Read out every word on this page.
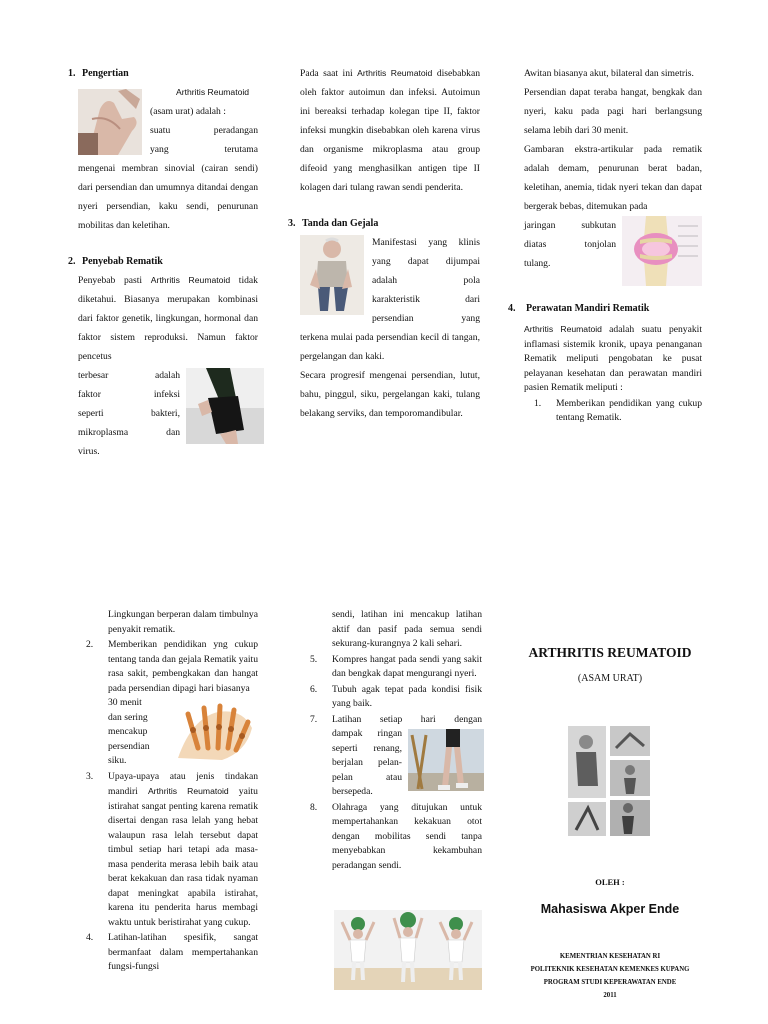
1. Pengertian

Arthritis Reumatoid

(asam urat) adalah :

suatu peradangan

yang terutama

mengenai membran sinovial (cairan sendi) dari persendian dan umumnya ditandai dengan nyeri persendian, kaku sendi, penurunan mobilitas dan keletihan.

2. Penyebab Rematik

Penyebab pasti Arthritis Reumatoid tidak diketahui. Biasanya merupakan kombinasi dari faktor genetik, lingkungan, hormonal dan faktor sistem reproduksi. Namun faktor pencetus

terbesar adalah

faktor infeksi

seperti bakteri,

mikroplasma dan

virus.

Pada saat ini Arthritis Reumatoid disebabkan oleh faktor autoimun dan infeksi. Autoimun ini bereaksi terhadap kolegan tipe II, faktor infeksi mungkin disebabkan oleh karena virus dan organisme mikroplasma atau group difeoid yang menghasilkan antigen tipe II kolagen dari tulang rawan sendi penderita.

3. Tanda dan Gejala

Manifestasi yang klinis

yang dapat dijumpai

adalah pola

karakteristik dari

persendian yang

terkena mulai pada persendian kecil di tangan, pergelangan dan kaki.

Secara progresif mengenai persendian, lutut, bahu, pinggul, siku, pergelangan kaki, tulang belakang serviks, dan temporomandibular.

Awitan biasanya akut, bilateral dan simetris.

Persendian dapat teraba hangat, bengkak dan nyeri, kaku pada pagi hari berlangsung selama lebih dari 30 menit.

Gambaran ekstra-artikular pada rematik adalah demam, penurunan berat badan, keletihan, anemia, tidak nyeri tekan dan dapat bergerak bebas, ditemukan pada

jaringan subkutan

diatas tonjolan

tulang.

4.	Perawatan Mandiri Rematik

Arthritis Reumatoid adalah suatu penyakit inflamasi sistemik kronik, upaya penanganan Rematik meliputi pengobatan ke pusat pelayanan kesehatan dan perawatan mandiri pasien Rematik meliputi :

1.	Memberikan pendidikan yang cukup tentang Rematik.
Lingkungan berperan dalam timbulnya penyakit rematik.
2.	Memberikan pendidikan yng cukup tentang tanda dan gejala Rematik yaitu rasa sakit, pembengkakan dan hangat pada persendian dipagi hari biasanya
30 menit
dan sering
mencakup
persendian
siku.
3.	Upaya-upaya atau jenis tindakan mandiri Arthritis Reumatoid yaitu istirahat sangat penting karena rematik disertai dengan rasa lelah yang hebat walaupun rasa lelah tersebut dapat timbul setiap hari tetapi ada masa-masa penderita merasa lebih baik atau berat kekakuan dan rasa tidak nyaman dapat meningkat apabila istirahat, karena itu penderita harus membagi waktu untuk beristirahat yang cukup.
4.	Latihan-latihan spesifik, sangat bermanfaat dalam mempertahankan fungsi-fungsi
sendi, latihan ini mencakup latihan aktif dan pasif pada semua sendi sekurang-kurangnya 2 kali sehari.
5.	Kompres hangat pada sendi yang sakit dan bengkak dapat mengurangi nyeri.
6.	Tubuh agak tepat pada kondisi fisik yang baik.
7.	Latihan setiap hari dengan
dampak ringan
seperti renang,
berjalan pelan-
pelan atau
bersepeda.
8.	Olahraga yang ditujukan untuk mempertahankan kekakuan otot dengan mobilitas sendi tanpa menyebabkan kekambuhan peradangan sendi.
ARTHRITIS REUMATOID
(ASAM URAT)
OLEH :
Mahasiswa Akper Ende
KEMENTRIAN KESEHATAN RI
POLITEKNIK KESEHATAN KEMENKES KUPANG
PROGRAM STUDI KEPERAWATAN ENDE
2011
